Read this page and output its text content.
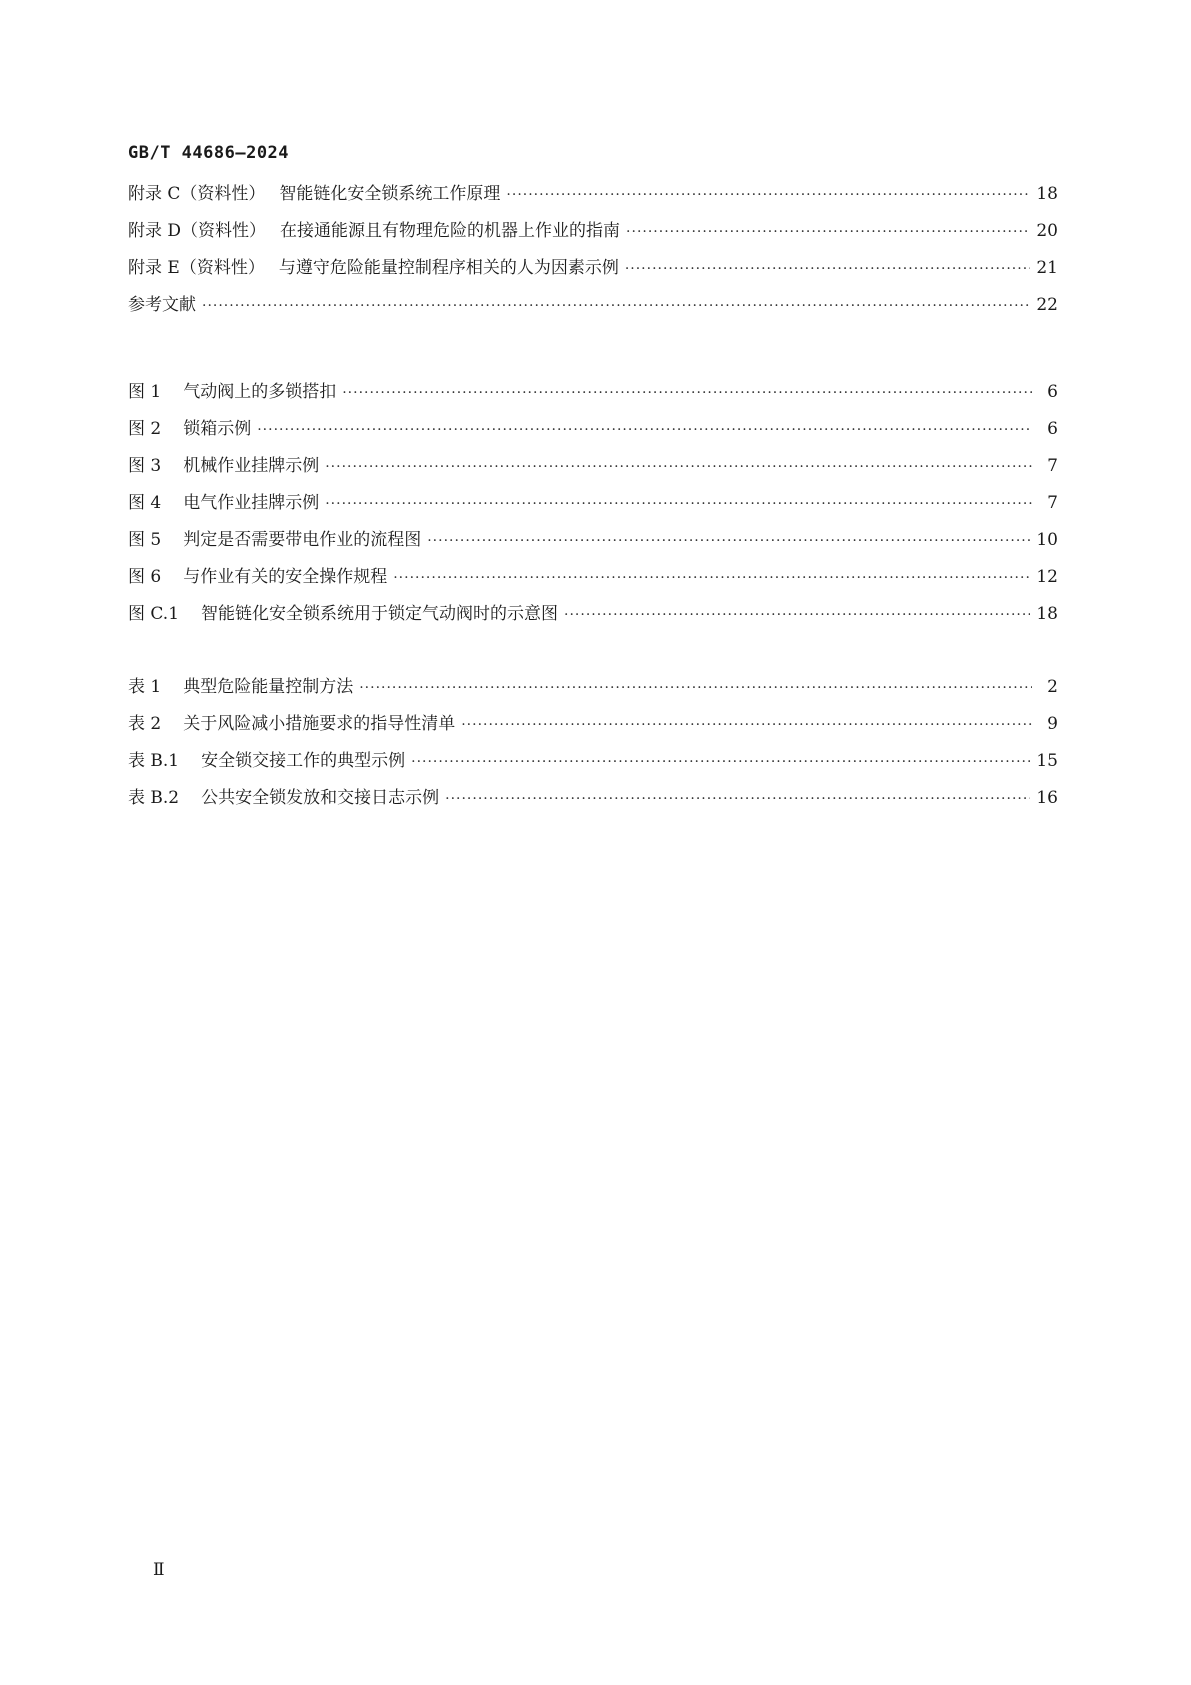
GB/T 44686—2024
附录 C（资料性） 智能链化安全锁系统工作原理 ·····	18
附录 D（资料性） 在接通能源且有物理危险的机器上作业的指南 ·····	20
附录 E（资料性） 与遵守危险能量控制程序相关的人为因素示例 ·····	21
参考文献 ·····	22
图 1 气动阀上的多锁搭扣 ·····	6
图 2 锁箱示例 ·····	6
图 3 机械作业挂牌示例 ·····	7
图 4 电气作业挂牌示例 ·····	7
图 5 判定是否需要带电作业的流程图 ·····	10
图 6 与作业有关的安全操作规程 ·····	12
图 C.1 智能链化安全锁系统用于锁定气动阀时的示意图 ·····	18
表 1 典型危险能量控制方法 ·····	2
表 2 关于风险减小措施要求的指导性清单 ·····	9
表 B.1 安全锁交接工作的典型示例 ·····	15
表 B.2 公共安全锁发放和交接日志示例 ·····	16
Ⅱ
